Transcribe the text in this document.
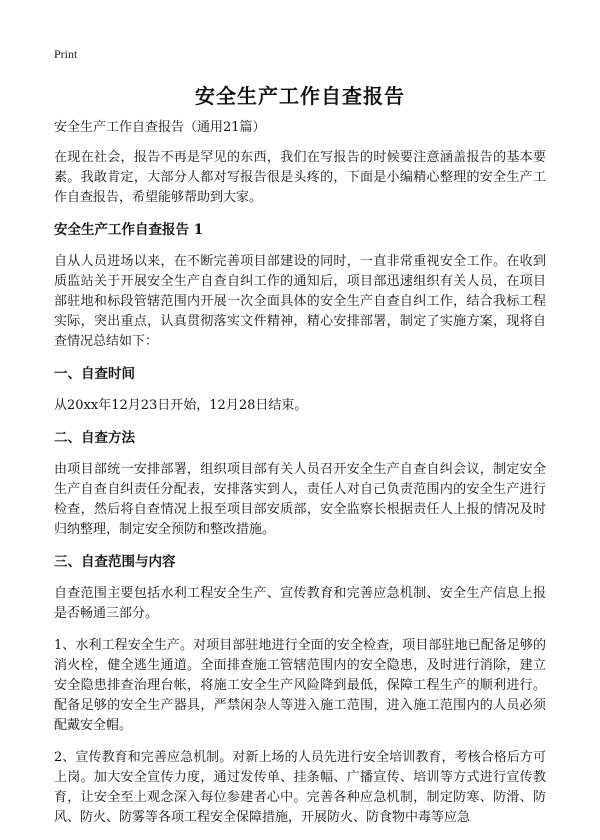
Print
安全生产工作自查报告

安全生产工作自查报告（通用21篇）

在现在社会，报告不再是罕见的东西，我们在写报告的时候要注意涵盖报告的基本要素。我敢肯定，大部分人都对写报告很是头疼的，下面是小编精心整理的安全生产工作自查报告，希望能够帮助到大家。

安全生产工作自查报告 1

自从人员进场以来，在不断完善项目部建设的同时，一直非常重视安全工作。在收到质监站关于开展安全生产自查自纠工作的通知后，项目部迅速组织有关人员，在项目部驻地和标段管辖范围内开展一次全面具体的安全生产自查自纠工作，结合我标工程实际，突出重点，认真贯彻落实文件精神，精心安排部署，制定了实施方案，现将自查情况总结如下：

一、自查时间

从20xx年12月23日开始，12月28日结束。

二、自查方法

由项目部统一安排部署，组织项目部有关人员召开安全生产自查自纠会议，制定安全生产自查自纠责任分配表，安排落实到人，责任人对自己负责范围内的安全生产进行检查，然后将自查情况上报至项目部安质部，安全监察长根据责任人上报的情况及时归纳整理，制定安全预防和整改措施。

三、自查范围与内容

自查范围主要包括水利工程安全生产、宣传教育和完善应急机制、安全生产信息上报是否畅通三部分。

1、水利工程安全生产。对项目部驻地进行全面的安全检查，项目部驻地已配备足够的消火栓，健全逃生通道。全面排查施工管辖范围内的安全隐患，及时进行消除，建立安全隐患排查治理台帐，将施工安全生产风险降到最低，保障工程生产的顺利进行。配备足够的安全生产器具，严禁闲杂人等进入施工范围，进入施工范围内的人员必须配戴安全帽。

2、宣传教育和完善应急机制。对新上场的人员先进行安全培训教育，考核合格后方可上岗。加大安全宣传力度，通过发传单、挂条幅、广播宣传、培训等方式进行宣传教育，让安全至上观念深入每位参建者心中。完善各种应急机制，制定防寒、防滑、防风、防火、防雾等各项工程安全保障措施，开展防火、防食物中毒等应急
